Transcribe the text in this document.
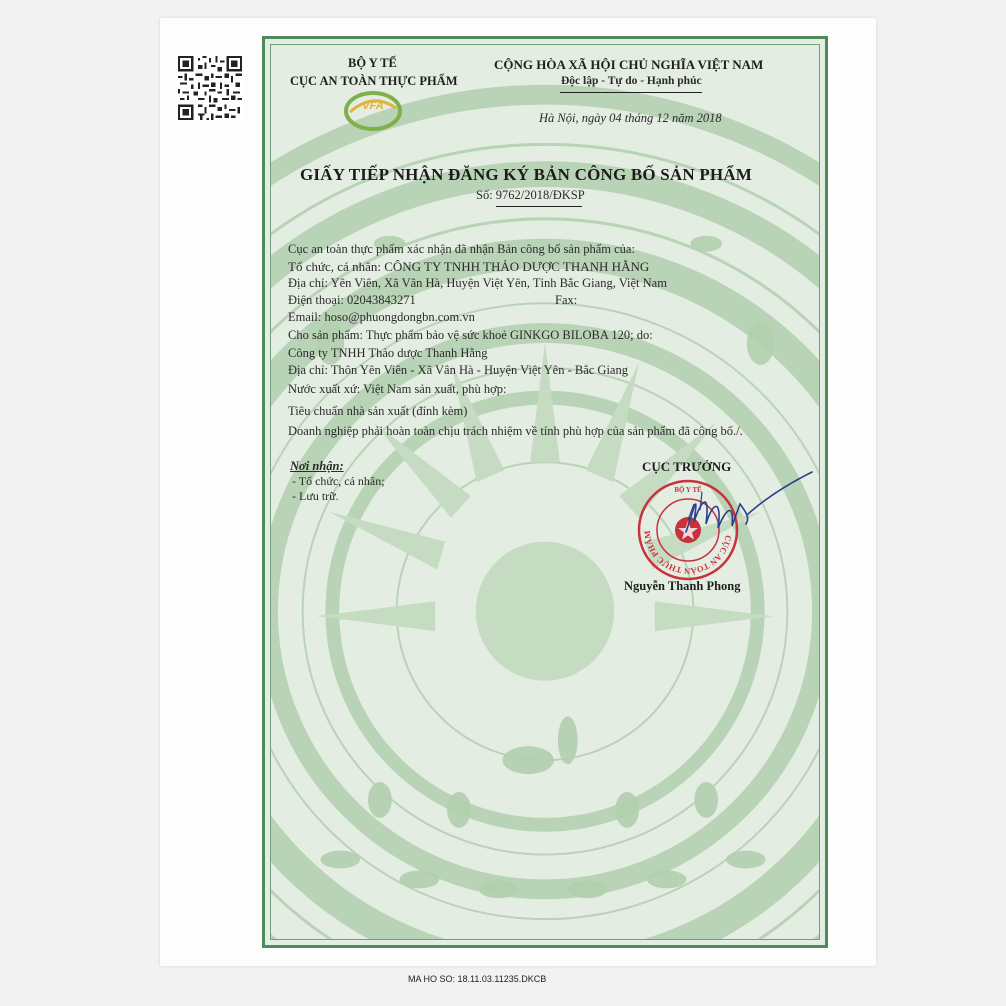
BỘ Y TẾ
CỤC AN TOÀN THỰC PHẨM
VFA
CỘNG HÒA XÃ HỘI CHỦ NGHĨA VIỆT NAM
Độc lập - Tự do - Hạnh phúc
Hà Nội, ngày 04 tháng 12 năm 2018
GIẤY TIẾP NHẬN ĐĂNG KÝ BẢN CÔNG BỐ SẢN PHẨM
Số: 9762/2018/ĐKSP
Cục an toàn thực phẩm xác nhận đã nhận Bản công bố sản phẩm của:
Tổ chức, cá nhân: CÔNG TY TNHH THẢO DƯỢC THANH HẰNG
Địa chỉ: Yên Viên, Xã Vân Hà, Huyện Việt Yên, Tỉnh Bắc Giang, Việt Nam
Điện thoại: 02043843271	Fax:
Email: hoso@phuongdongbn.com.vn
Cho sản phẩm: Thực phẩm bảo vệ sức khoẻ GINKGO BILOBA 120; do:
Công ty TNHH Thảo dược Thanh Hằng
Địa chỉ: Thôn Yên Viên - Xã Vân Hà - Huyện Việt Yên - Bắc Giang
Nước xuất xứ: Việt Nam sản xuất, phù hợp:
Tiêu chuẩn nhà sản xuất (đính kèm)
Doanh nghiệp phải hoàn toàn chịu trách nhiệm về tính phù hợp của sản phẩm đã công bố./.
Nơi nhận:
- Tổ chức, cá nhân;
- Lưu trữ.
CỤC TRƯỞNG
CỤC AN TOÀN THỰC PHẨM
BỘ Y TẾ
Nguyễn Thanh Phong
MA HO SO: 18.11.03.11235.DKCB
